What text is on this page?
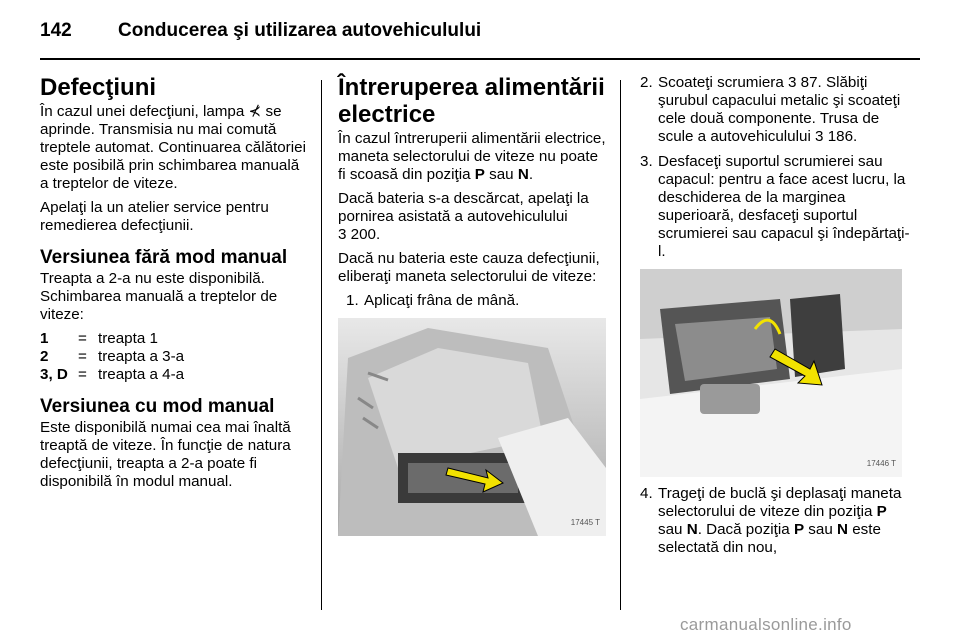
142 Conducerea şi utilizarea autovehiculului
Defecţiuni

În cazul unei defecţiuni, lampa ⊀ se aprinde. Transmisia nu mai comută treptele automat. Continuarea călătoriei este posibilă prin schimbarea manuală a treptelor de viteze.

Apelaţi la un atelier service pentru remedierea defecţiunii.

Versiunea fără mod manual

Treapta a 2-a nu este disponibilă. Schimbarea manuală a treptelor de viteze:

1	= treapta 1
2	= treapta a 3-a
3, D = treapta a 4-a
Versiunea cu mod manual

Este disponibilă numai cea mai înaltă treaptă de viteze. În funcţie de natura defecţiunii, treapta a 2-a poate fi disponibilă în modul manual.

Întreruperea alimentării electrice

În cazul întreruperii alimentării electrice, maneta selectorului de viteze nu poate fi scoasă din poziţia P sau N.

Dacă bateria s-a descărcat, apelaţi la pornirea asistată a autovehiculului
3 200.

Dacă nu bateria este cauza defecţiunii, eliberaţi maneta selectorului de viteze:

1. Aplicaţi frâna de mână.
17445 T
2. Scoateţi scrumiera 3 87. Slăbiţi şurubul capacului metalic şi scoateţi cele două componente. Trusa de scule a autovehiculului 3 186.
3. Desfaceţi suportul scrumierei sau capacul: pentru a face acest lucru, la deschiderea de la marginea superioară, desfaceţi suportul scrumierei sau capacul şi îndepărtaţi-l.
17446 T
4. Trageţi de buclă şi deplasaţi maneta selectorului de viteze din poziţia P sau N. Dacă poziţia P sau N este selectată din nou,
carmanualsonline.info
